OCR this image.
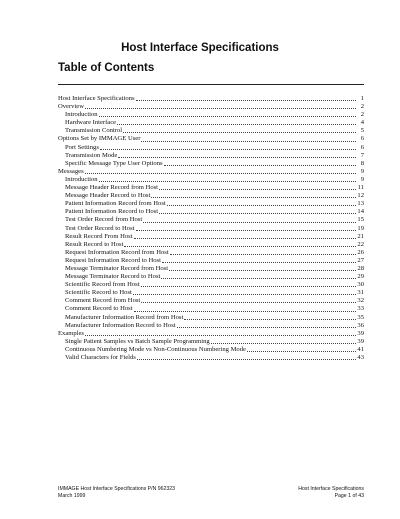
Host Interface Specifications
Table of Contents
Host Interface Specifications	1
Overview	2
Introduction	2
Hardware Interface	4
Transmission Control	5
Options Set by IMMAGE User	6
Port Settings	6
Transmission Mode	7
Specific Message Type User Options	8
Messages	9
Introduction	9
Message Header Record from Host	11
Message Header Record to Host	12
Patient Information Record from Host	13
Patient Information Record to Host	14
Test Order Record from Host	15
Test Order Record to Host	19
Result Record From Host	21
Result Record to Host	22
Request Information Record from Host	26
Request Information Record to Host	27
Message Terminator Record from Host	28
Message Terminator Record to Host	29
Scientific Record from Host	30
Scientific Record to Host	31
Comment Record from Host	32
Comment Record to Host	33
Manufacturer Information Record from Host	35
Manufacturer Information Record to Host	36
Examples	39
Single Patient Samples vs Batch Sample Programming	39
Continuous Numbering Mode vs Non-Continuous Numbering Mode	41
Valid Characters for Fields	43
IMMAGE Host Interface Specifications P/N 962323
March 1999
Host Interface Specifications
Page 1 of 43
